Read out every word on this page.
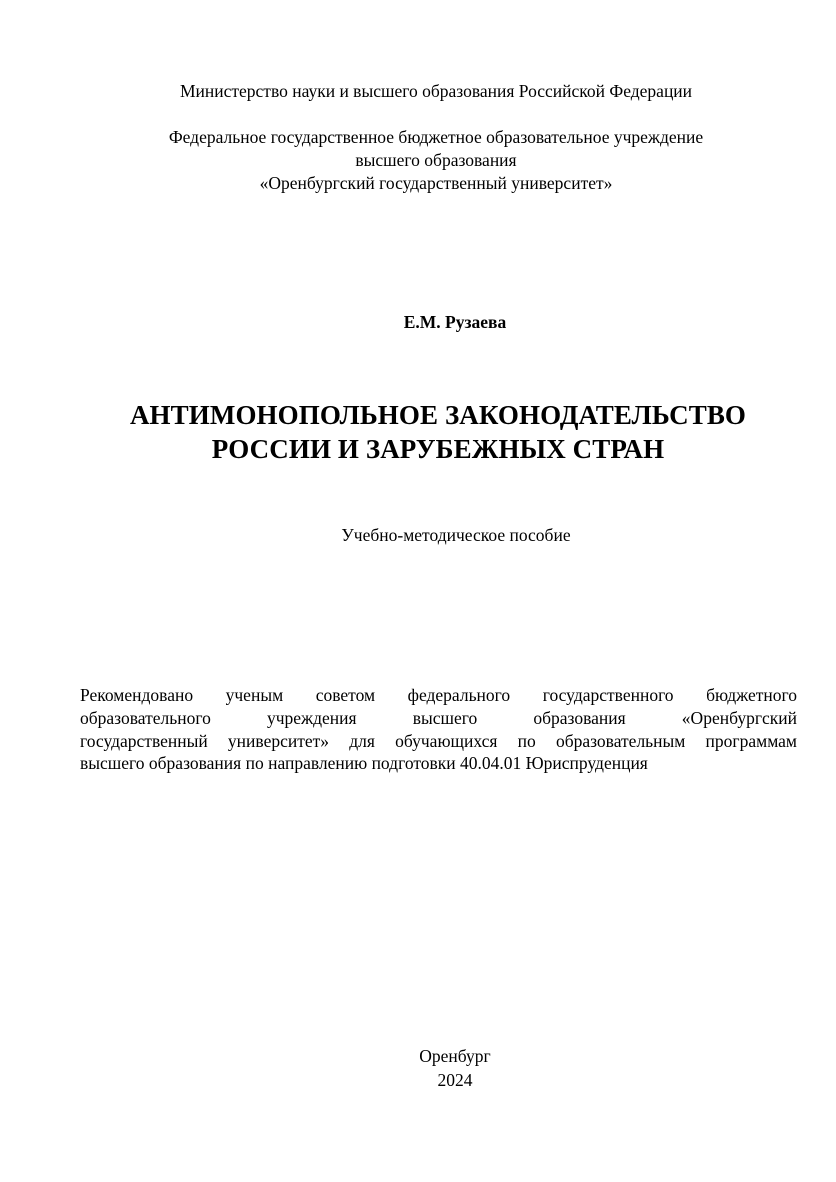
Министерство науки и высшего образования Российской Федерации
Федеральное государственное бюджетное образовательное учреждение
высшего образования
«Оренбургский государственный университет»
Е.М. Рузаева
АНТИМОНОПОЛЬНОЕ ЗАКОНОДАТЕЛЬСТВО
РОССИИ И ЗАРУБЕЖНЫХ СТРАН
Учебно-методическое пособие
Рекомендовано ученым советом федерального государственного бюджетного
образовательного учреждения высшего образования «Оренбургский
государственный университет» для обучающихся по образовательным программам
высшего образования по направлению подготовки 40.04.01 Юриспруденция
Оренбург
2024
